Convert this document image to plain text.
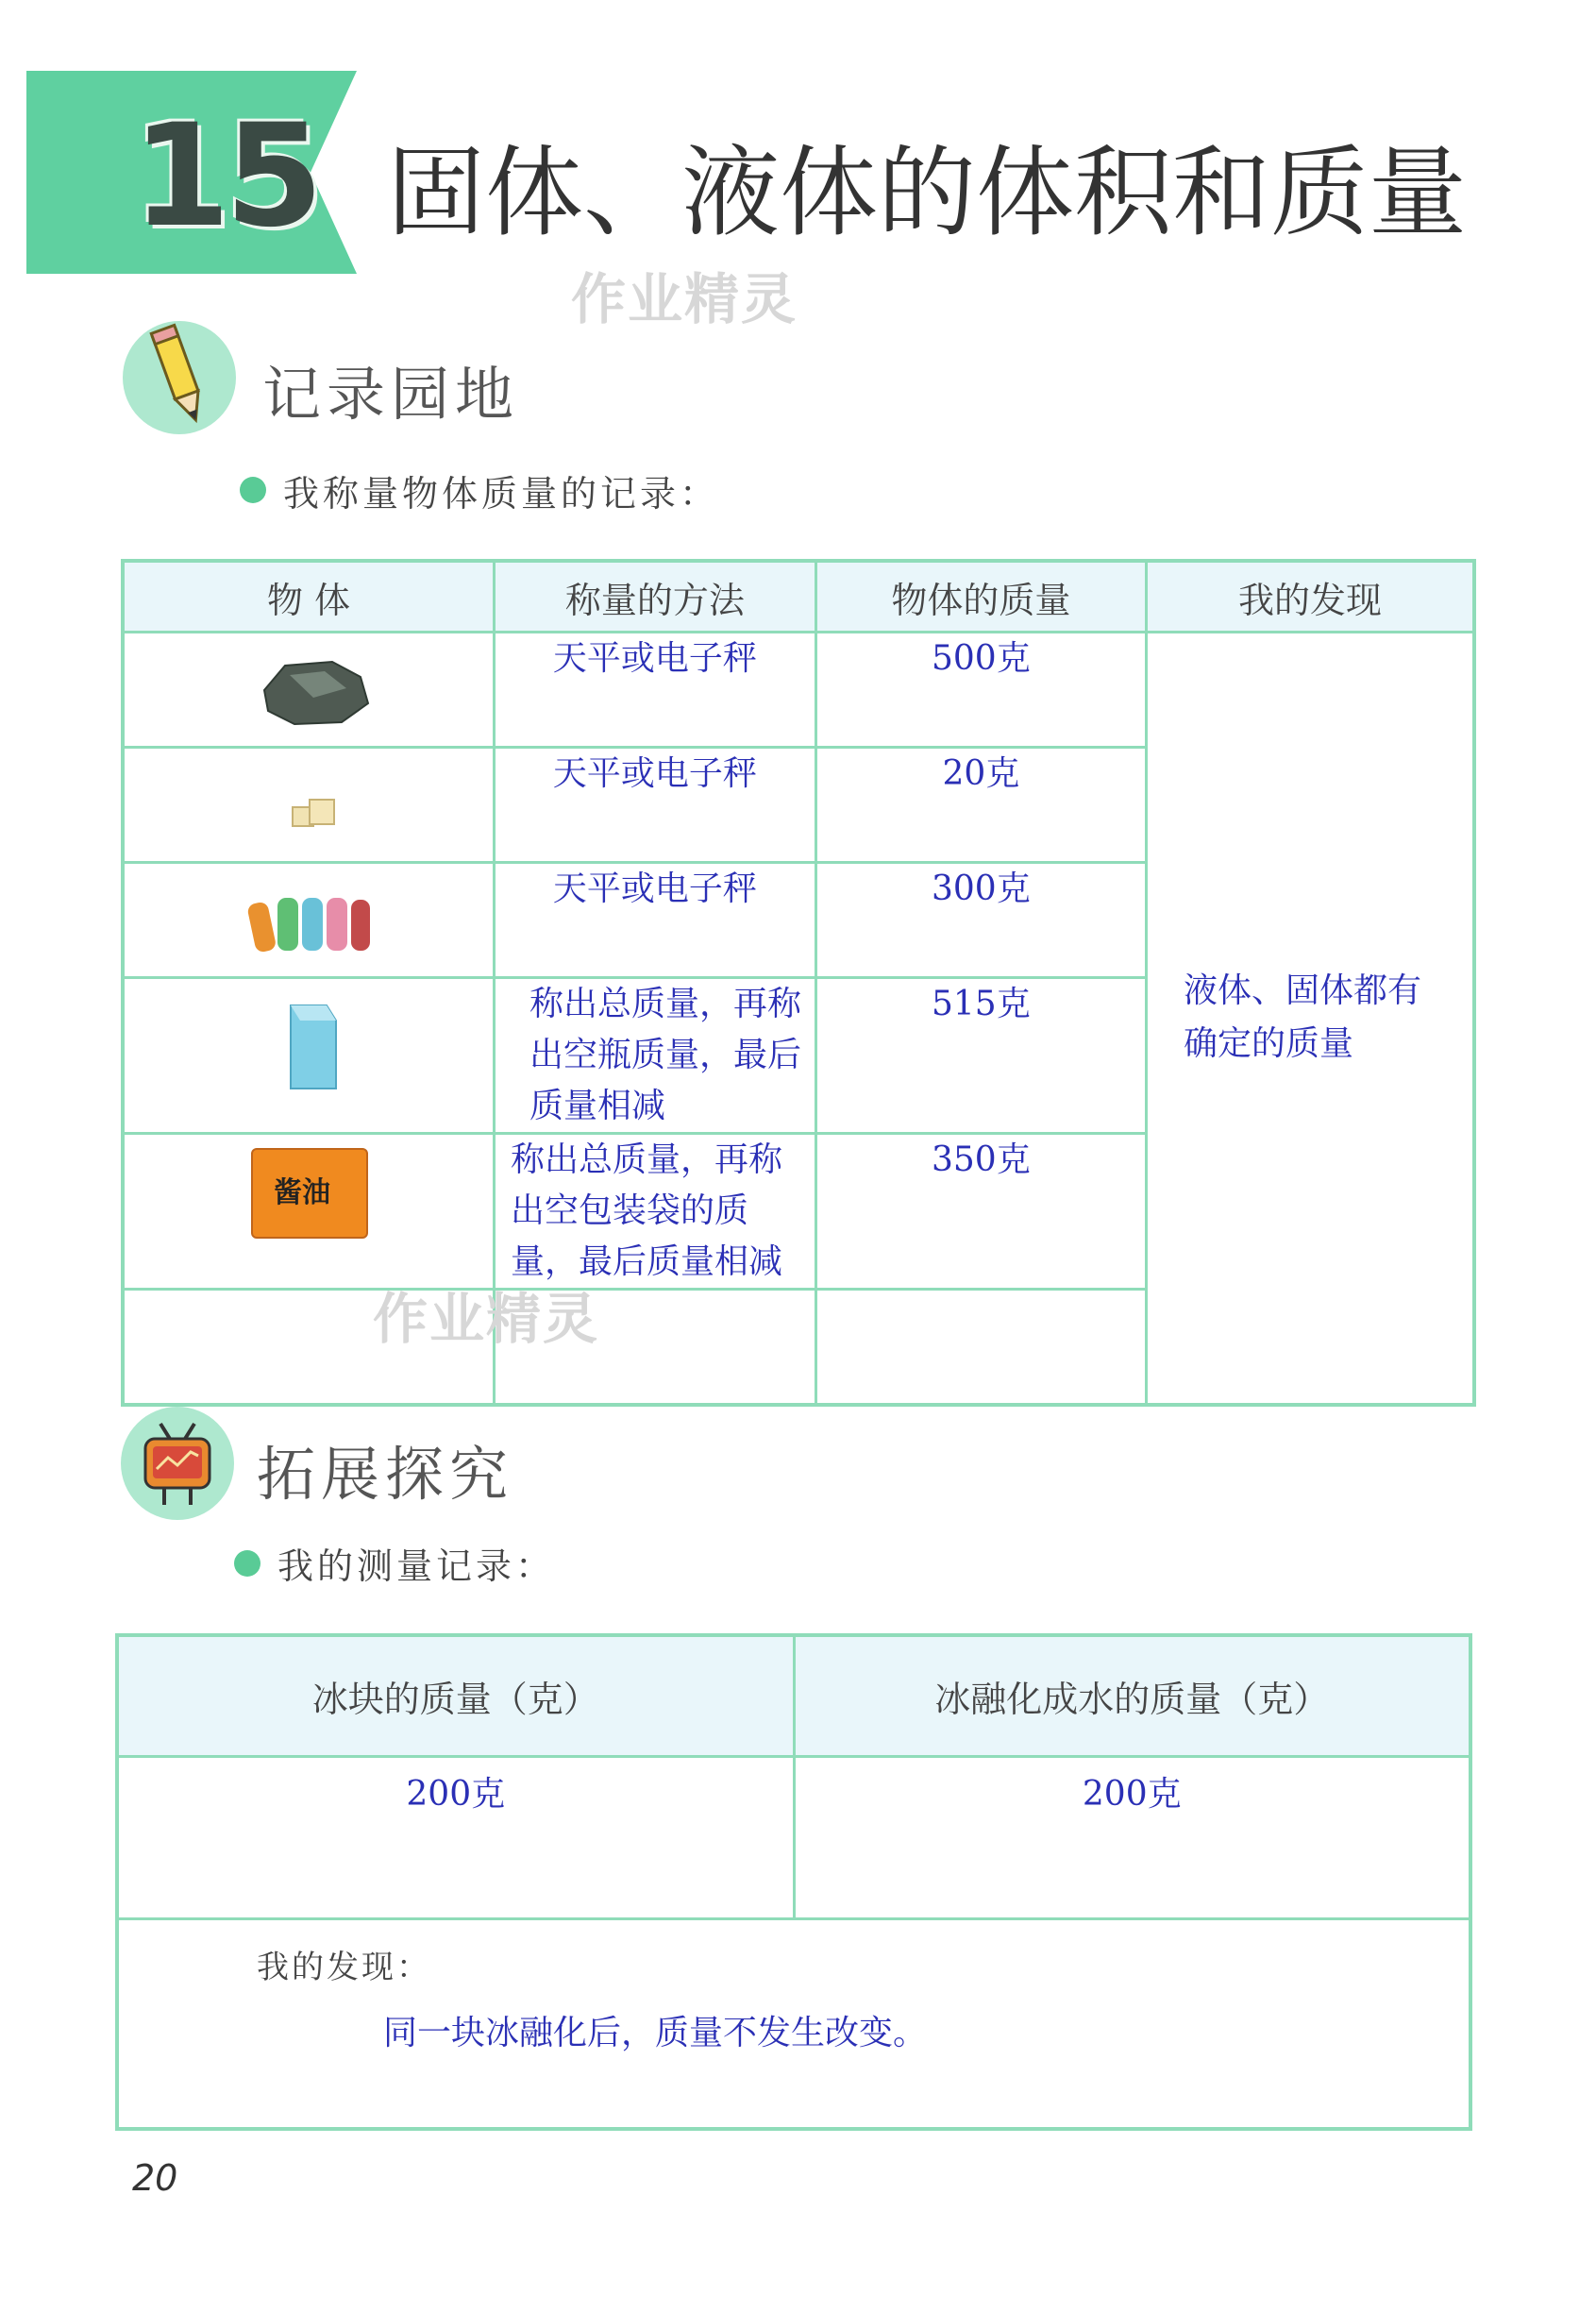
15 固体、液体的体积和质量
作业精灵
记录园地
我称量物体质量的记录：
物 体	称量的方法	物体的质量	我的发现
	天平或电子秤	500克	液体、固体都有确定的质量
	天平或电子秤	20克	
	天平或电子秤	300克	
	称出总质量，再称出空瓶质量，最后质量相减	515克	

酱油	称出总质量，再称出空包装袋的质量，最后质量相减	350克	

作业精灵
拓展探究
我的测量记录：
冰块的质量（克）	冰融化成水的质量（克）
200克	200克

我的发现：
同一块冰融化后，质量不发生改变。	
20
